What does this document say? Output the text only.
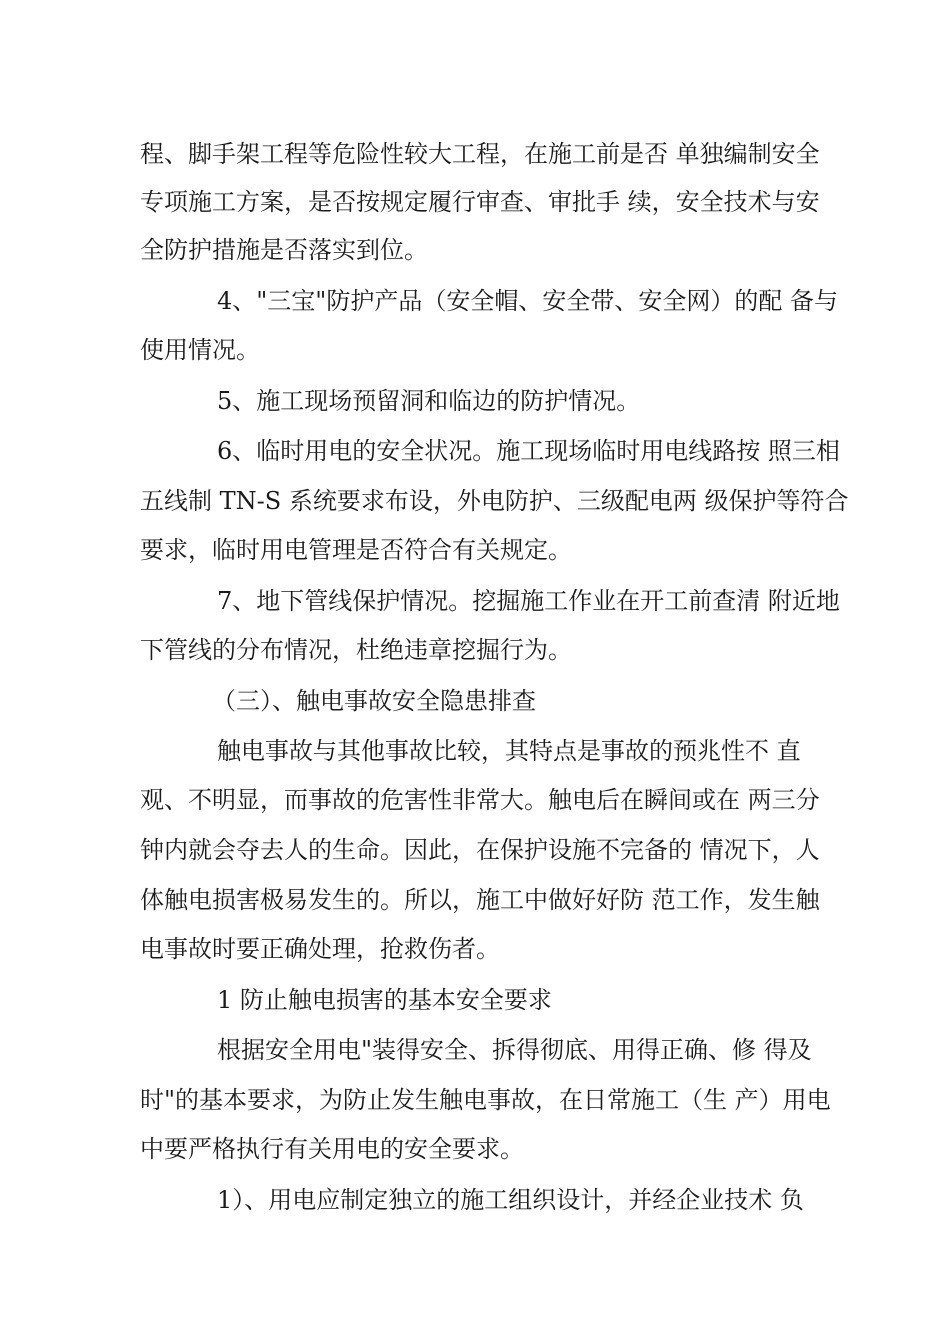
程、脚手架工程等危险性较大工程，在施工前是否 单独编制安全

专项施工方案，是否按规定履行审查、审批手 续，安全技术与安

全防护措施是否落实到位。

4、"三宝"防护产品（安全帽、安全带、安全网）的配 备与

使用情况。

5、施工现场预留洞和临边的防护情况。

6、临时用电的安全状况。施工现场临时用电线路按 照三相

五线制 TN-S 系统要求布设，外电防护、三级配电两 级保护等符合

要求，临时用电管理是否符合有关规定。

7、地下管线保护情况。挖掘施工作业在开工前查清 附近地

下管线的分布情况，杜绝违章挖掘行为。

（三）、触电事故安全隐患排查

触电事故与其他事故比较，其特点是事故的预兆性不 直

观、不明显，而事故的危害性非常大。触电后在瞬间或在 两三分

钟内就会夺去人的生命。因此，在保护设施不完备的 情况下，人

体触电损害极易发生的。所以，施工中做好好防 范工作，发生触

电事故时要正确处理，抢救伤者。

1 防止触电损害的基本安全要求

根据安全用电"装得安全、拆得彻底、用得正确、修 得及

时"的基本要求，为防止发生触电事故，在日常施工（生 产）用电

中要严格执行有关用电的安全要求。

1）、用电应制定独立的施工组织设计，并经企业技术 负
